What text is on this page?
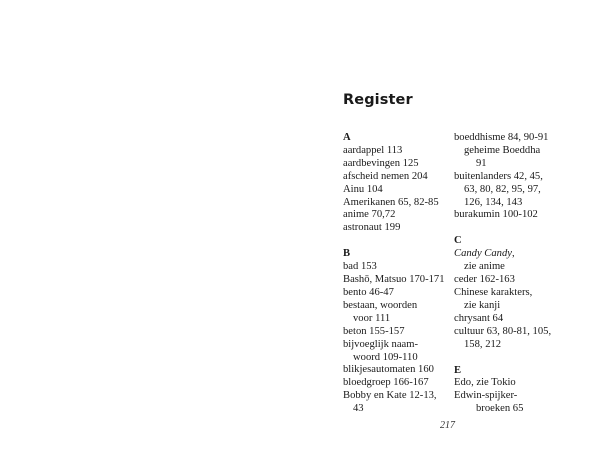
Register
A
aardappel 113
aardbevingen 125
afscheid nemen 204
Ainu 104
Amerikanen 65, 82-85
anime 70,72
astronaut 199
B
bad 153
Bashō, Matsuo 170-171
bento 46-47
bestaan, woorden
voor 111
beton 155-157
bijvoeglijk naam-
woord 109-110
blikjesautomaten 160
bloedgroep 166-167
Bobby en Kate 12-13,
43
boeddhisme 84, 90-91
geheime Boeddha
91
buitenlanders 42, 45,
63, 80, 82, 95, 97,
126, 134, 143
burakumin 100-102
C
Candy Candy,
zie anime
ceder 162-163
Chinese karakters,
zie kanji
chrysant 64
cultuur 63, 80-81, 105,
158, 212
E
Edo, zie Tokio
Edwin-spijker-
broeken 65
217
